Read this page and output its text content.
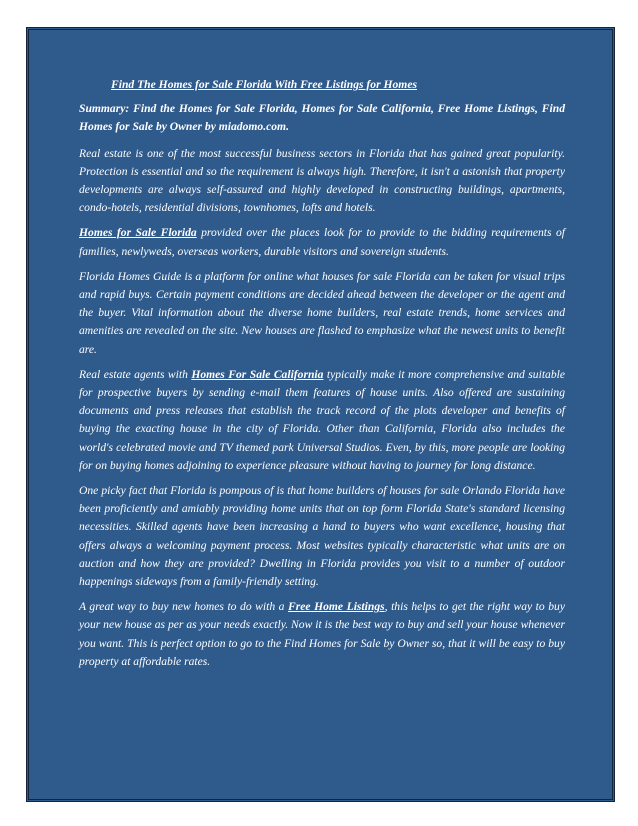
Find The Homes for Sale Florida With Free Listings for Homes

Summary: Find the Homes for Sale Florida, Homes for Sale California, Free Home Listings, Find Homes for Sale by Owner by miadomo.com.

Real estate is one of the most successful business sectors in Florida that has gained great popularity. Protection is essential and so the requirement is always high. Therefore, it isn't a astonish that property developments are always self-assured and highly developed in constructing buildings, apartments, condo-hotels, residential divisions, townhomes, lofts and hotels.

Homes for Sale Florida provided over the places look for to provide to the bidding requirements of families, newlyweds, overseas workers, durable visitors and sovereign students.

Florida Homes Guide is a platform for online what houses for sale Florida can be taken for visual trips and rapid buys. Certain payment conditions are decided ahead between the developer or the agent and the buyer. Vital information about the diverse home builders, real estate trends, home services and amenities are revealed on the site. New houses are flashed to emphasize what the newest units to benefit are.

Real estate agents with Homes For Sale California typically make it more comprehensive and suitable for prospective buyers by sending e-mail them features of house units. Also offered are sustaining documents and press releases that establish the track record of the plots developer and benefits of buying the exacting house in the city of Florida. Other than California, Florida also includes the world's celebrated movie and TV themed park Universal Studios. Even, by this, more people are looking for on buying homes adjoining to experience pleasure without having to journey for long distance.

One picky fact that Florida is pompous of is that home builders of houses for sale Orlando Florida have been proficiently and amiably providing home units that on top form Florida State's standard licensing necessities. Skilled agents have been increasing a hand to buyers who want excellence, housing that offers always a welcoming payment process. Most websites typically characteristic what units are on auction and how they are provided? Dwelling in Florida provides you visit to a number of outdoor happenings sideways from a family-friendly setting.

A great way to buy new homes to do with a Free Home Listings, this helps to get the right way to buy your new house as per as your needs exactly. Now it is the best way to buy and sell your house whenever you want. This is perfect option to go to the Find Homes for Sale by Owner so, that it will be easy to buy property at affordable rates.
